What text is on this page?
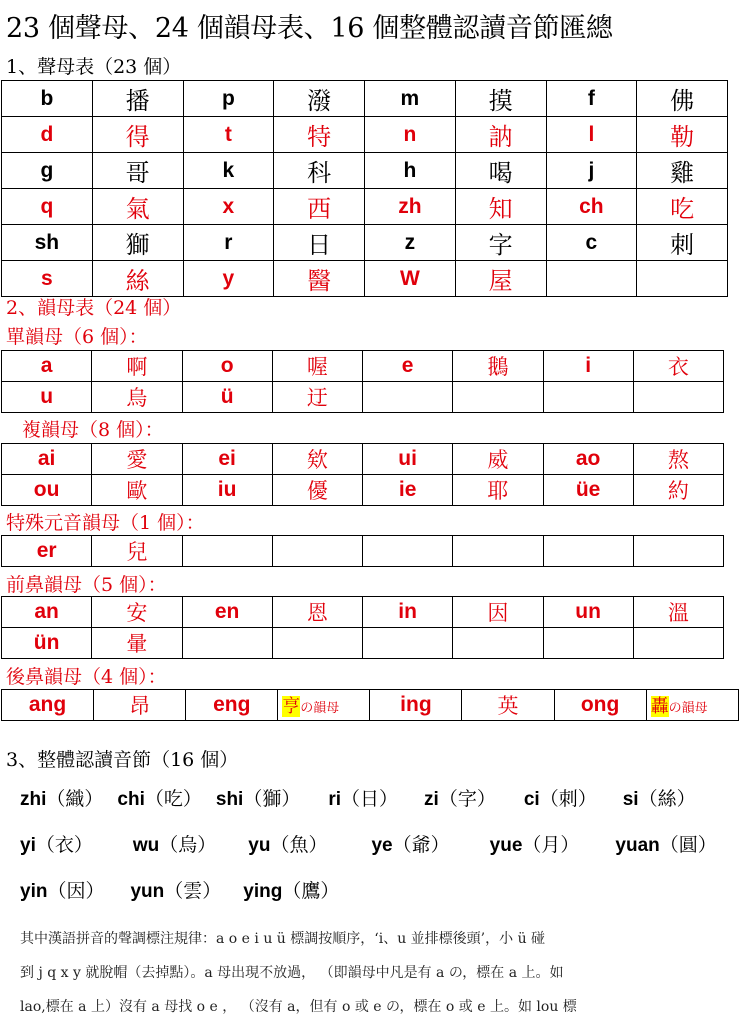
23 個聲母、24 個韻母表、16 個整體認讀音節匯總
1、聲母表（23 個）
b	播	p	潑	m	摸	f	佛
d	得	t	特	n	訥	l	勒
g	哥	k	科	h	喝	j	雞
q	氣	x	西	zh	知	ch	吃
sh	獅	r	日	z	字	c	刺
s	絲	y	醫	W	屋		
2、韻母表（24 個）
單韻母（6 個）：
a	啊	o	喔	e	鵝	i	衣
u	烏	ü	迂				
複韻母（8 個）：
ai	愛	ei	欸	ui	威	ao	熬
ou	歐	iu	優	ie	耶	üe	約
特殊元音韻母（1 個）：
er	兒						
前鼻韻母（5 個）：
an	安	en	恩	in	因	un	溫
ün	暈						
後鼻韻母（4 個）：
ang	昂	eng	亨の韻母	ing	英	ong	轟の韻母
3、整體認讀音節（16 個）
zhi（織） chi（吃） shi（獅） ri（日） zi（字） ci（刺） si（絲）
yi（衣） wu（烏） yu（魚） ye（爺） yue（月） yuan（圓）
yin（因） yun（雲） ying（鷹）
其中漢語拼音的聲調標注規律：a o e i u ü 標調按順序，‘i、u 並排標後頭’，小 ü 碰
到 j q x y 就脫帽（去掉點）。a 母出現不放過， （即韻母中凡是有 a の，標在 a 上。如
lao,標在 a 上）沒有 a 母找 o e ， （沒有 a，但有 o 或 e の，標在 o 或 e 上。如 lou 標
